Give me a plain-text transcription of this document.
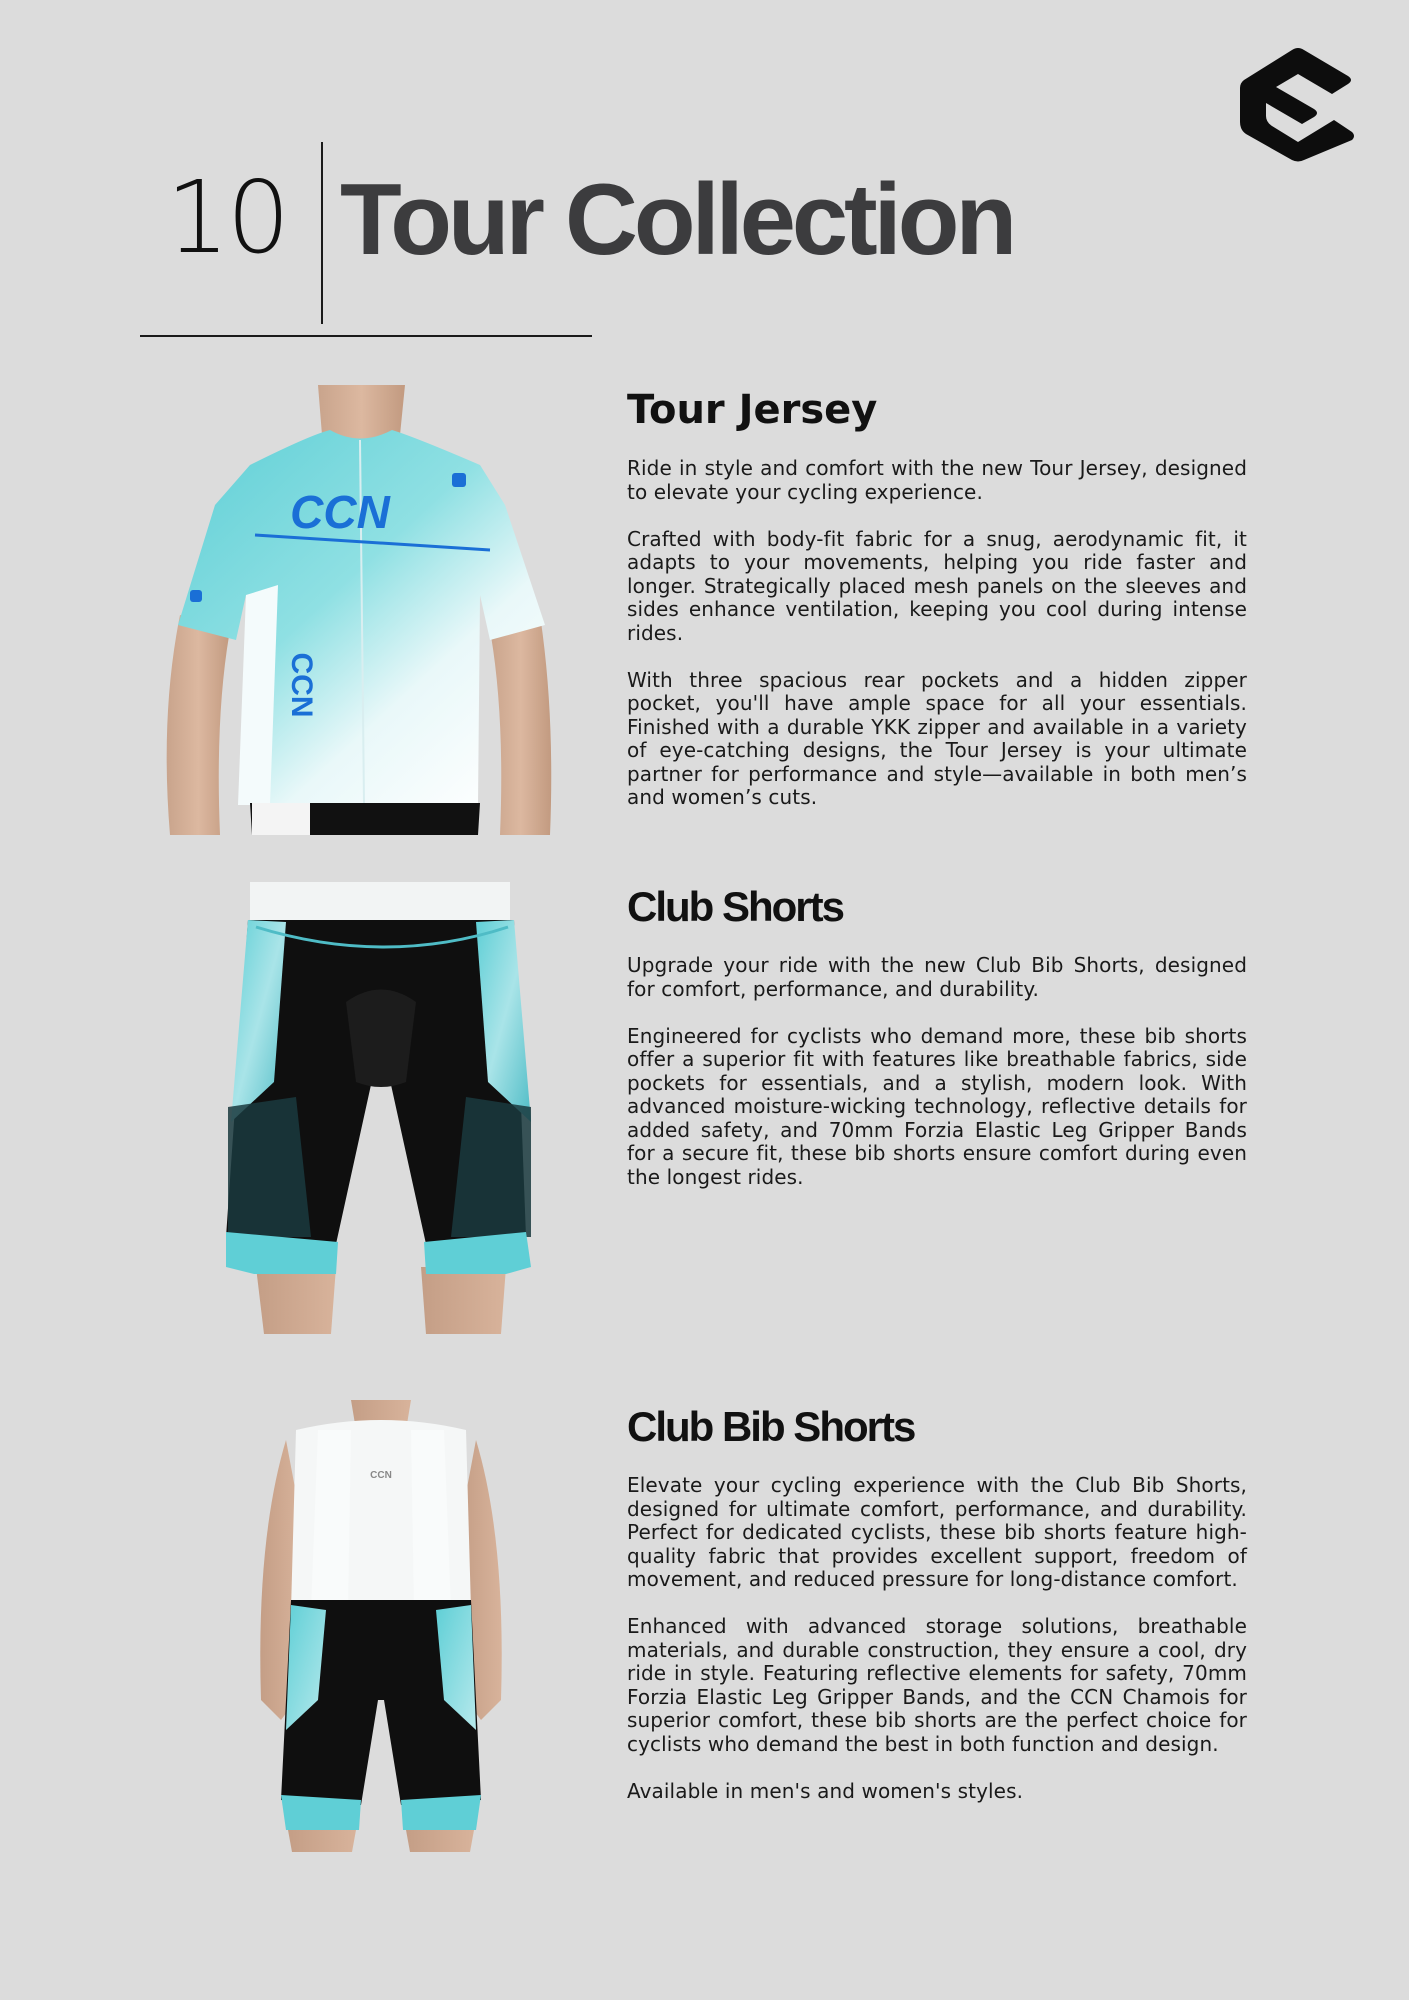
10 Tour Collection
CCN
CCN
Tour Jersey

Ride in style and comfort with the new Tour Jersey, designed to elevate your cycling experience.

Crafted with body-fit fabric for a snug, aerodynamic fit, it adapts to your movements, helping you ride faster and longer. Strategically placed mesh panels on the sleeves and sides enhance ventilation, keeping you cool during intense rides.

With three spacious rear pockets and a hidden zipper pocket, you'll have ample space for all your essentials. Finished with a durable YKK zipper and available in a variety of eye-catching designs, the Tour Jersey is your ultimate partner for performance and style—available in both men’s and women’s cuts.

Club Shorts

Upgrade your ride with the new Club Bib Shorts, designed for comfort, performance, and durability.

Engineered for cyclists who demand more, these bib shorts offer a superior fit with features like breathable fabrics, side pockets for essentials, and a stylish, modern look. With advanced moisture-wicking technology, reflective details for added safety, and 70mm Forzia Elastic Leg Gripper Bands for a secure fit, these bib shorts ensure comfort during even the longest rides.

CCN
Club Bib Shorts

Elevate your cycling experience with the Club Bib Shorts, designed for ultimate comfort, performance, and durability. Perfect for dedicated cyclists, these bib shorts feature high-quality fabric that provides excellent support, freedom of movement, and reduced pressure for long-distance comfort.

Enhanced with advanced storage solutions, breathable materials, and durable construction, they ensure a cool, dry ride in style. Featuring reflective elements for safety, 70mm Forzia Elastic Leg Gripper Bands, and the CCN Chamois for superior comfort, these bib shorts are the perfect choice for cyclists who demand the best in both function and design.

Available in men's and women's styles.
